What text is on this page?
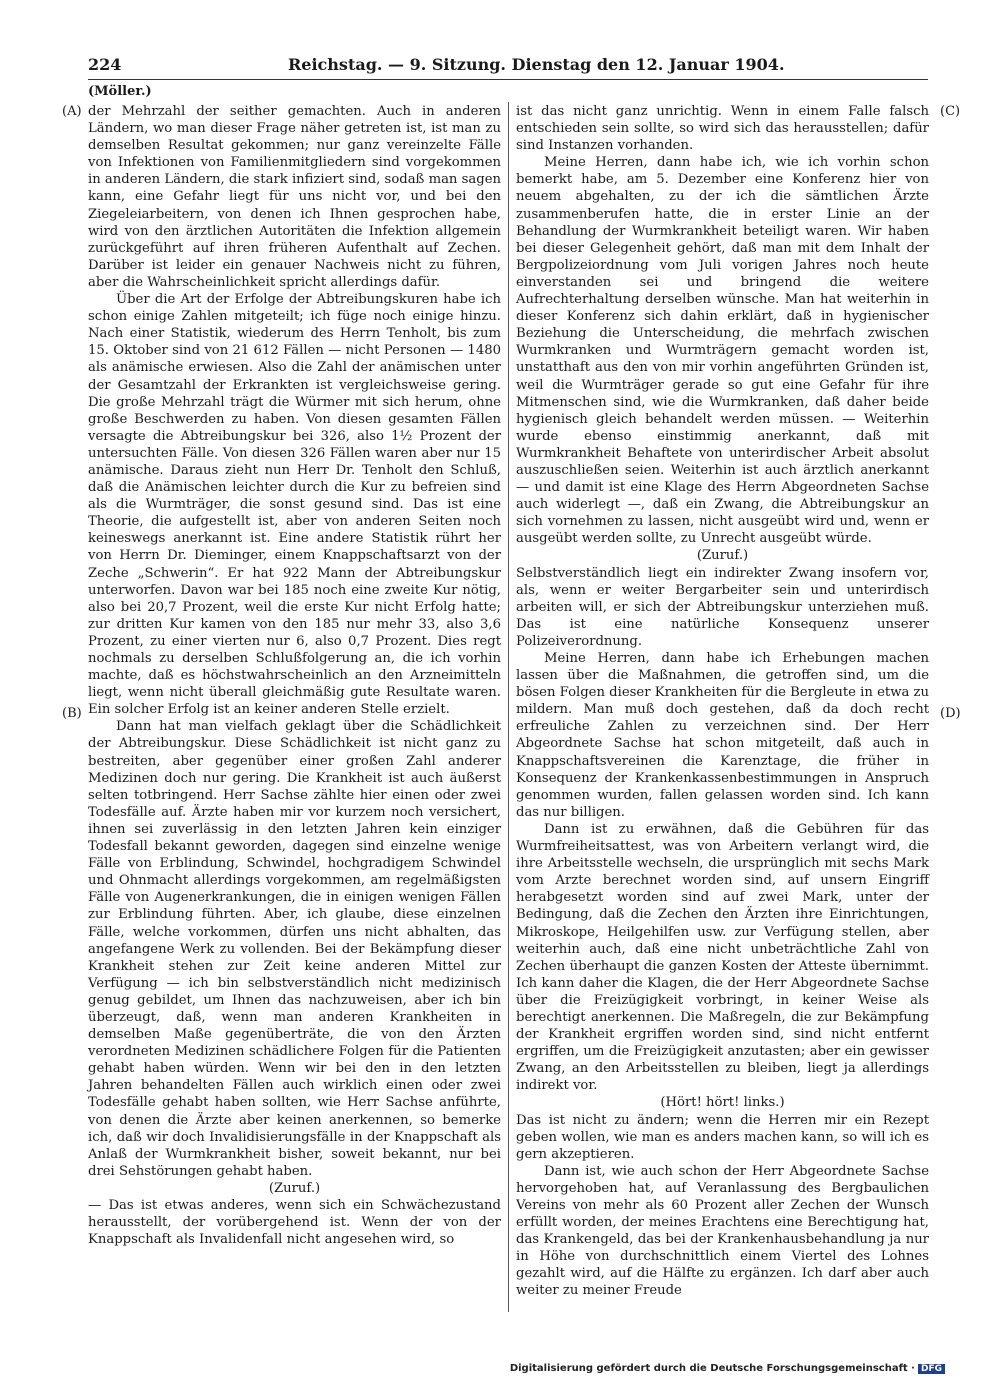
224	Reichstag. — 9. Sitzung. Dienstag den 12. Januar 1904.
(Möller.)
(A)
(B)
(C)
(D)

der Mehrzahl der seither gemachten. Auch in anderen Ländern, wo man dieser Frage näher getreten ist, ist man zu demselben Resultat gekommen; nur ganz vereinzelte Fälle von Infektionen von Familienmitgliedern sind vorgekommen in anderen Ländern, die stark infiziert sind, sodaß man sagen kann, eine Gefahr liegt für uns nicht vor, und bei den Ziegeleiarbeitern, von denen ich Ihnen gesprochen habe, wird von den ärztlichen Autoritäten die Infektion allgemein zurückgeführt auf ihren früheren Aufenthalt auf Zechen. Darüber ist leider ein genauer Nachweis nicht zu führen, aber die Wahrscheinlichkeit spricht allerdings dafür.

Über die Art der Erfolge der Abtreibungskuren habe ich schon einige Zahlen mitgeteilt; ich füge noch einige hinzu. Nach einer Statistik, wiederum des Herrn Tenholt, bis zum 15. Oktober sind von 21 612 Fällen — nicht Personen — 1480 als anämische erwiesen. Also die Zahl der anämischen unter der Gesamtzahl der Erkrankten ist vergleichsweise gering. Die große Mehrzahl trägt die Würmer mit sich herum, ohne große Beschwerden zu haben. Von diesen gesamten Fällen versagte die Abtreibungskur bei 326, also 1½ Prozent der untersuchten Fälle. Von diesen 326 Fällen waren aber nur 15 anämische. Daraus zieht nun Herr Dr. Tenholt den Schluß, daß die Anämischen leichter durch die Kur zu befreien sind als die Wurmträger, die sonst gesund sind. Das ist eine Theorie, die aufgestellt ist, aber von anderen Seiten noch keineswegs anerkannt ist. Eine andere Statistik rührt her von Herrn Dr. Dieminger, einem Knappschaftsarzt von der Zeche „Schwerin“. Er hat 922 Mann der Abtreibungskur unterworfen. Davon war bei 185 noch eine zweite Kur nötig, also bei 20,7 Prozent, weil die erste Kur nicht Erfolg hatte; zur dritten Kur kamen von den 185 nur mehr 33, also 3,6 Prozent, zu einer vierten nur 6, also 0,7 Prozent. Dies regt nochmals zu derselben Schlußfolgerung an, die ich vorhin machte, daß es höchstwahrscheinlich an den Arzneimitteln liegt, wenn nicht überall gleichmäßig gute Resultate waren. Ein solcher Erfolg ist an keiner anderen Stelle erzielt.

Dann hat man vielfach geklagt über die Schädlichkeit der Abtreibungskur. Diese Schädlichkeit ist nicht ganz zu bestreiten, aber gegenüber einer großen Zahl anderer Medizinen doch nur gering. Die Krankheit ist auch äußerst selten totbringend. Herr Sachse zählte hier einen oder zwei Todesfälle auf. Ärzte haben mir vor kurzem noch versichert, ihnen sei zuverlässig in den letzten Jahren kein einziger Todesfall bekannt geworden, dagegen sind einzelne wenige Fälle von Erblindung, Schwindel, hochgradigem Schwindel und Ohnmacht allerdings vorgekommen, am regelmäßigsten Fälle von Augenerkrankungen, die in einigen wenigen Fällen zur Erblindung führten. Aber, ich glaube, diese einzelnen Fälle, welche vorkommen, dürfen uns nicht abhalten, das angefangene Werk zu vollenden. Bei der Bekämpfung dieser Krankheit stehen zur Zeit keine anderen Mittel zur Verfügung — ich bin selbstverständlich nicht medizinisch genug gebildet, um Ihnen das nachzuweisen, aber ich bin überzeugt, daß, wenn man anderen Krankheiten in demselben Maße gegenüberträte, die von den Ärzten verordneten Medizinen schädlichere Folgen für die Patienten gehabt haben würden. Wenn wir bei den in den letzten Jahren behandelten Fällen auch wirklich einen oder zwei Todesfälle gehabt haben sollten, wie Herr Sachse anführte, von denen die Ärzte aber keinen anerkennen, so bemerke ich, daß wir doch Invalidisierungsfälle in der Knappschaft als Anlaß der Wurmkrankheit bisher, soweit bekannt, nur bei drei Sehstörungen gehabt haben.

(Zuruf.)

— Das ist etwas anderes, wenn sich ein Schwächezustand herausstellt, der vorübergehend ist. Wenn der von der Knappschaft als Invalidenfall nicht angesehen wird, so

ist das nicht ganz unrichtig. Wenn in einem Falle falsch entschieden sein sollte, so wird sich das herausstellen; dafür sind Instanzen vorhanden.

Meine Herren, dann habe ich, wie ich vorhin schon bemerkt habe, am 5. Dezember eine Konferenz hier von neuem abgehalten, zu der ich die sämtlichen Ärzte zusammenberufen hatte, die in erster Linie an der Behandlung der Wurmkrankheit beteiligt waren. Wir haben bei dieser Gelegenheit gehört, daß man mit dem Inhalt der Bergpolizeiordnung vom Juli vorigen Jahres noch heute einverstanden sei und bringend die weitere Aufrechterhaltung derselben wünsche. Man hat weiterhin in dieser Konferenz sich dahin erklärt, daß in hygienischer Beziehung die Unterscheidung, die mehrfach zwischen Wurmkranken und Wurmträgern gemacht worden ist, unstatthaft aus den von mir vorhin angeführten Gründen ist, weil die Wurmträger gerade so gut eine Gefahr für ihre Mitmenschen sind, wie die Wurmkranken, daß daher beide hygienisch gleich behandelt werden müssen. — Weiterhin wurde ebenso einstimmig anerkannt, daß mit Wurmkrankheit Behaftete von unterirdischer Arbeit absolut auszuschließen seien. Weiterhin ist auch ärztlich anerkannt — und damit ist eine Klage des Herrn Abgeordneten Sachse auch widerlegt —, daß ein Zwang, die Abtreibungskur an sich vornehmen zu lassen, nicht ausgeübt wird und, wenn er ausgeübt werden sollte, zu Unrecht ausgeübt würde.

(Zuruf.)

Selbstverständlich liegt ein indirekter Zwang insofern vor, als, wenn er weiter Bergarbeiter sein und unterirdisch arbeiten will, er sich der Abtreibungskur unterziehen muß. Das ist eine natürliche Konsequenz unserer Polizeiverordnung.

Meine Herren, dann habe ich Erhebungen machen lassen über die Maßnahmen, die getroffen sind, um die bösen Folgen dieser Krankheiten für die Bergleute in etwa zu mildern. Man muß doch gestehen, daß da doch recht erfreuliche Zahlen zu verzeichnen sind. Der Herr Abgeordnete Sachse hat schon mitgeteilt, daß auch in Knappschaftsvereinen die Karenztage, die früher in Konsequenz der Krankenkassenbestimmungen in Anspruch genommen wurden, fallen gelassen worden sind. Ich kann das nur billigen.

Dann ist zu erwähnen, daß die Gebühren für das Wurmfreiheitsattest, was von Arbeitern verlangt wird, die ihre Arbeitsstelle wechseln, die ursprünglich mit sechs Mark vom Arzte berechnet worden sind, auf unsern Eingriff herabgesetzt worden sind auf zwei Mark, unter der Bedingung, daß die Zechen den Ärzten ihre Einrichtungen, Mikroskope, Heilgehilfen usw. zur Verfügung stellen, aber weiterhin auch, daß eine nicht unbeträchtliche Zahl von Zechen überhaupt die ganzen Kosten der Atteste übernimmt. Ich kann daher die Klagen, die der Herr Abgeordnete Sachse über die Freizügigkeit vorbringt, in keiner Weise als berechtigt anerkennen. Die Maßregeln, die zur Bekämpfung der Krankheit ergriffen worden sind, sind nicht entfernt ergriffen, um die Freizügigkeit anzutasten; aber ein gewisser Zwang, an den Arbeitsstellen zu bleiben, liegt ja allerdings indirekt vor.

(Hört! hört! links.)

Das ist nicht zu ändern; wenn die Herren mir ein Rezept geben wollen, wie man es anders machen kann, so will ich es gern akzeptieren.

Dann ist, wie auch schon der Herr Abgeordnete Sachse hervorgehoben hat, auf Veranlassung des Bergbaulichen Vereins von mehr als 60 Prozent aller Zechen der Wunsch erfüllt worden, der meines Erachtens eine Berechtigung hat, das Krankengeld, das bei der Krankenhausbehandlung ja nur in Höhe von durchschnittlich einem Viertel des Lohnes gezahlt wird, auf die Hälfte zu ergänzen. Ich darf aber auch weiter zu meiner Freude

Digitalisierung gefördert durch die Deutsche Forschungsgemeinschaft · DFG
